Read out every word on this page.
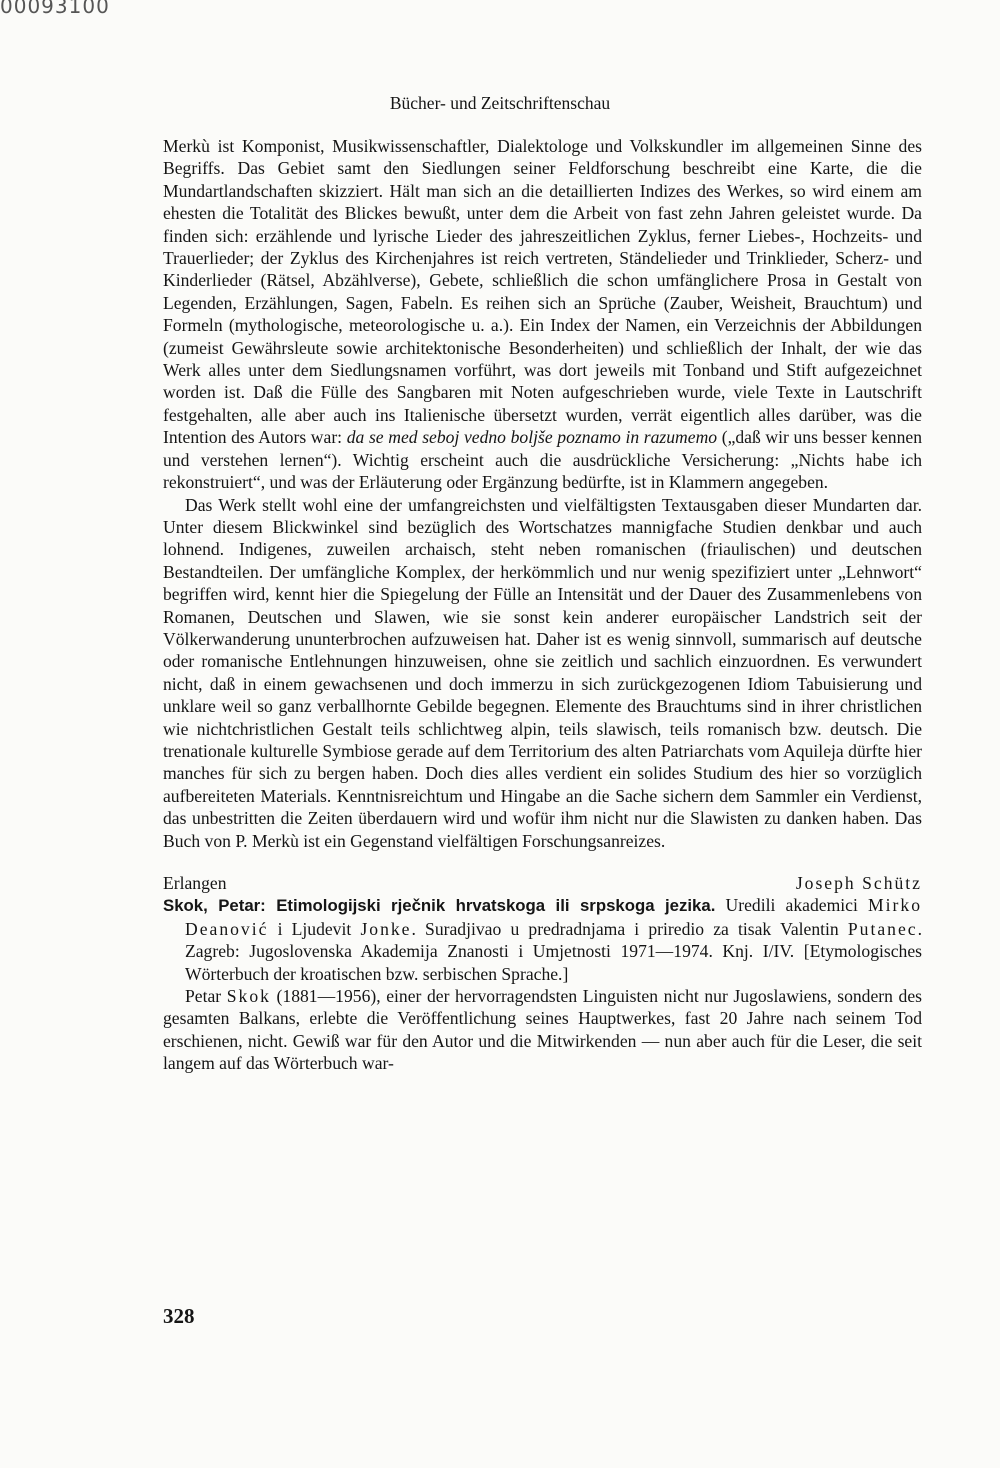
00093100
Bücher- und Zeitschriftenschau

Merkù ist Komponist, Musikwissenschaftler, Dialektologe und Volkskundler im allgemeinen Sinne des Begriffs. Das Gebiet samt den Siedlungen seiner Feldforschung beschreibt eine Karte, die die Mundartlandschaften skizziert. Hält man sich an die detaillierten Indizes des Werkes, so wird einem am ehesten die Totalität des Blickes bewußt, unter dem die Arbeit von fast zehn Jahren geleistet wurde. Da finden sich: erzählende und lyrische Lieder des jahreszeitlichen Zyklus, ferner Liebes-, Hochzeits- und Trauerlieder; der Zyklus des Kirchenjahres ist reich vertreten, Ständelieder und Trinklieder, Scherz- und Kinderlieder (Rätsel, Abzählverse), Gebete, schließlich die schon umfänglichere Prosa in Gestalt von Legenden, Erzählungen, Sagen, Fabeln. Es reihen sich an Sprüche (Zauber, Weisheit, Brauchtum) und Formeln (mythologische, meteorologische u. a.). Ein Index der Namen, ein Verzeichnis der Abbildungen (zumeist Gewährsleute sowie architektonische Besonderheiten) und schließlich der Inhalt, der wie das Werk alles unter dem Siedlungsnamen vorführt, was dort jeweils mit Tonband und Stift aufgezeichnet worden ist. Daß die Fülle des Sangbaren mit Noten aufgeschrieben wurde, viele Texte in Lautschrift festgehalten, alle aber auch ins Italienische übersetzt wurden, verrät eigentlich alles darüber, was die Intention des Autors war: da se med seboj vedno boljše poznamo in razumemo („daß wir uns besser kennen und verstehen lernen“). Wichtig erscheint auch die ausdrückliche Versicherung: „Nichts habe ich rekonstruiert“, und was der Erläuterung oder Ergänzung bedürfte, ist in Klammern angegeben.

Das Werk stellt wohl eine der umfangreichsten und vielfältigsten Textausgaben dieser Mundarten dar. Unter diesem Blickwinkel sind bezüglich des Wortschatzes mannigfache Studien denkbar und auch lohnend. Indigenes, zuweilen archaisch, steht neben romanischen (friaulischen) und deutschen Bestandteilen. Der umfängliche Komplex, der herkömmlich und nur wenig spezifiziert unter „Lehnwort“ begriffen wird, kennt hier die Spiegelung der Fülle an Intensität und der Dauer des Zusammenlebens von Romanen, Deutschen und Slawen, wie sie sonst kein anderer europäischer Landstrich seit der Völkerwanderung ununterbrochen aufzuweisen hat. Daher ist es wenig sinnvoll, summarisch auf deutsche oder romanische Entlehnungen hinzuweisen, ohne sie zeitlich und sachlich einzuordnen. Es verwundert nicht, daß in einem gewachsenen und doch immerzu in sich zurückgezogenen Idiom Tabuisierung und unklare weil so ganz verballhornte Gebilde begegnen. Elemente des Brauchtums sind in ihrer christlichen wie nichtchristlichen Gestalt teils schlichtweg alpin, teils slawisch, teils romanisch bzw. deutsch. Die trenationale kulturelle Symbiose gerade auf dem Territorium des alten Patriarchats vom Aquileja dürfte hier manches für sich zu bergen haben. Doch dies alles verdient ein solides Studium des hier so vorzüglich aufbereiteten Materials. Kenntnisreichtum und Hingabe an die Sache sichern dem Sammler ein Verdienst, das unbestritten die Zeiten überdauern wird und wofür ihm nicht nur die Slawisten zu danken haben. Das Buch von P. Merkù ist ein Gegenstand vielfältigen Forschungsanreizes.

Erlangen	Joseph Schütz

Skok, Petar: Etimologijski rječnik hrvatskoga ili srpskoga jezika. Uredili akademici Mirko Deanović i Ljudevit Jonke. Suradjivao u predradnjama i priredio za tisak Valentin Putanec. Zagreb: Jugoslovenska Akademija Znanosti i Umjetnosti 1971—1974. Knj. I/IV. [Etymologisches Wörterbuch der kroatischen bzw. serbischen Sprache.]

Petar Skok (1881—1956), einer der hervorragendsten Linguisten nicht nur Jugoslawiens, sondern des gesamten Balkans, erlebte die Veröffentlichung seines Hauptwerkes, fast 20 Jahre nach seinem Tod erschienen, nicht. Gewiß war für den Autor und die Mitwirkenden — nun aber auch für die Leser, die seit langem auf das Wörterbuch war-

328
